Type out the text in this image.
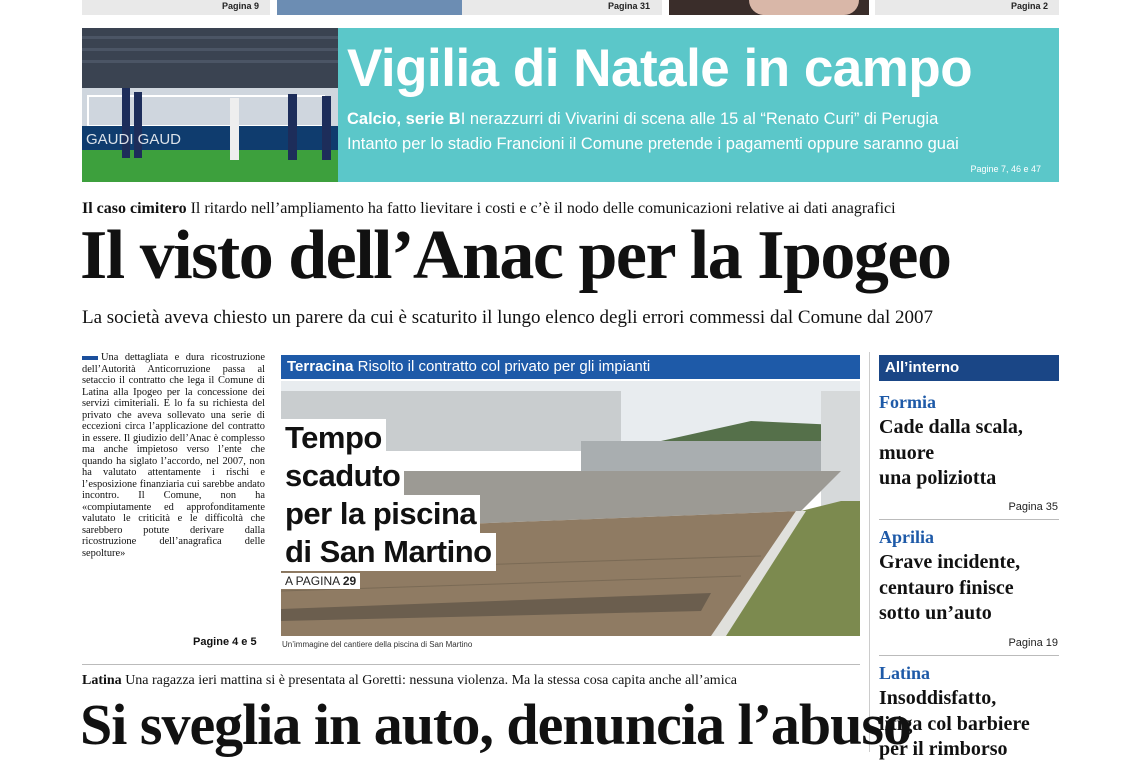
Pagina 9	Pagina 31	Pagina 2
GAUDI GAUD
Vigilia di Natale in campo
Calcio, serie BI nerazzurri di Vivarini di scena alle 15 al “Renato Curi” di Perugia
Intanto per lo stadio Francioni il Comune pretende i pagamenti oppure saranno guai
Pagine 7, 46 e 47
Il caso cimitero Il ritardo nell’ampliamento ha fatto lievitare i costi e c’è il nodo delle comunicazioni relative ai dati anagrafici
Il visto dell’Anac per la Ipogeo
La società aveva chiesto un parere da cui è scaturito il lungo elenco degli errori commessi dal Comune dal 2007
Una dettagliata e dura ricostruzione dell’Autorità Anticorruzione passa al setaccio il contratto che lega il Comune di Latina alla Ipogeo per la concessione dei servizi cimiteriali. E lo fa su richiesta del privato che aveva sollevato una serie di eccezioni circa l’applicazione del contratto in essere. Il giudizio dell’Anac è complesso ma anche impietoso verso l’ente che quando ha siglato l’accordo, nel 2007, non ha valutato attentamente i rischi e l’esposizione finanziaria cui sarebbe andato incontro. Il Comune, non ha «compiutamente ed approfonditamente valutato le criticità e le difficoltà che sarebbero potute derivare dalla ricostruzione dell’anagrafica delle sepolture»
Pagine 4 e 5
Terracina Risolto il contratto col privato per gli impianti
Tempo
scaduto
per la piscina
di San Martino
A PAGINA 29
Un’immagine del cantiere della piscina di San Martino
All’interno
Formia
Cade dalla scala,
muore
una poliziotta
Pagina 35
Aprilia
Grave incidente,
centauro finisce
sotto un’auto
Pagina 19
Latina
Insoddisfatto,
litiga col barbiere
per il rimborso
Latina Una ragazza ieri mattina si è presentata al Goretti: nessuna violenza. Ma la stessa cosa capita anche all’amica
Si sveglia in auto, denuncia l’abuso
